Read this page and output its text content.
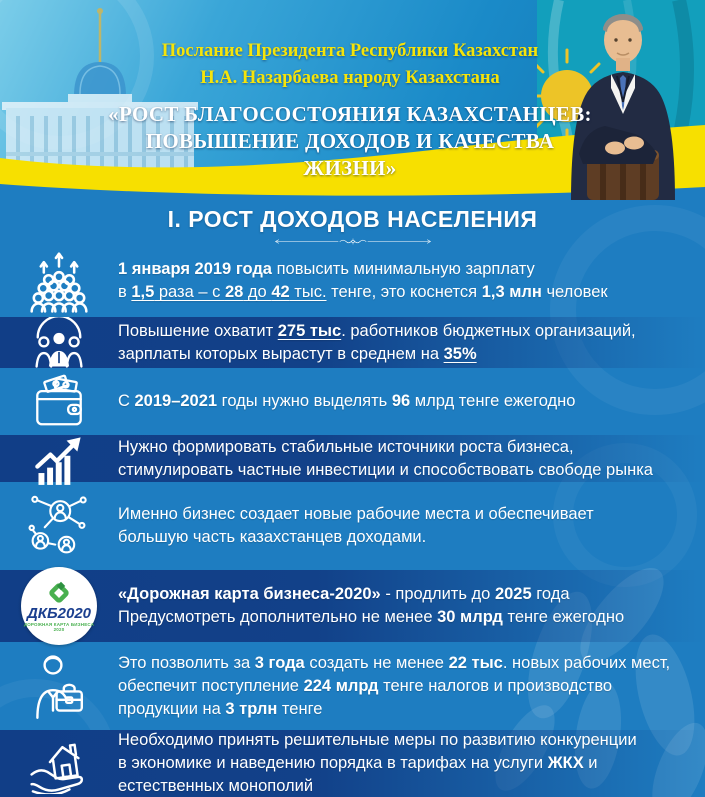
Послание Президента Республики Казахстан
Н.А. Назарбаева народу Казахстана
«РОСТ БЛАГОСОСТОЯНИЯ КАЗАХСТАНЦЕВ:
ПОВЫШЕНИЕ ДОХОДОВ И КАЧЕСТВА ЖИЗНИ»
I. РОСТ ДОХОДОВ НАСЕЛЕНИЯ
1 января 2019 года повысить минимальную зарплату
в 1,5 раза – с 28 до 42 тыс. тенге, это коснется 1,3 млн человек
Повышение охватит 275 тыс. работников бюджетных организаций,
зарплаты которых вырастут в среднем на 35%
С 2019–2021 годы нужно выделять 96 млрд тенге ежегодно
Нужно формировать стабильные источники роста бизнеса,
стимулировать частные инвестиции и способствовать свободе рынка
Именно бизнес создает новые рабочие места и обеспечивает
большую часть казахстанцев доходами.
ДКБ2020
ДОРОЖНАЯ КАРТА БИЗНЕСА 2020
«Дорожная карта бизнеса-2020» - продлить до 2025 года
Предусмотреть дополнительно не менее 30 млрд тенге ежегодно
Это позволить за 3 года создать не менее 22 тыс. новых рабочих мест,
обеспечит поступление 224 млрд тенге налогов и производство
продукции на 3 трлн тенге
Необходимо принять решительные меры по развитию конкуренции
в экономике и наведению порядка в тарифах на услуги ЖКХ и
естественных монополий
